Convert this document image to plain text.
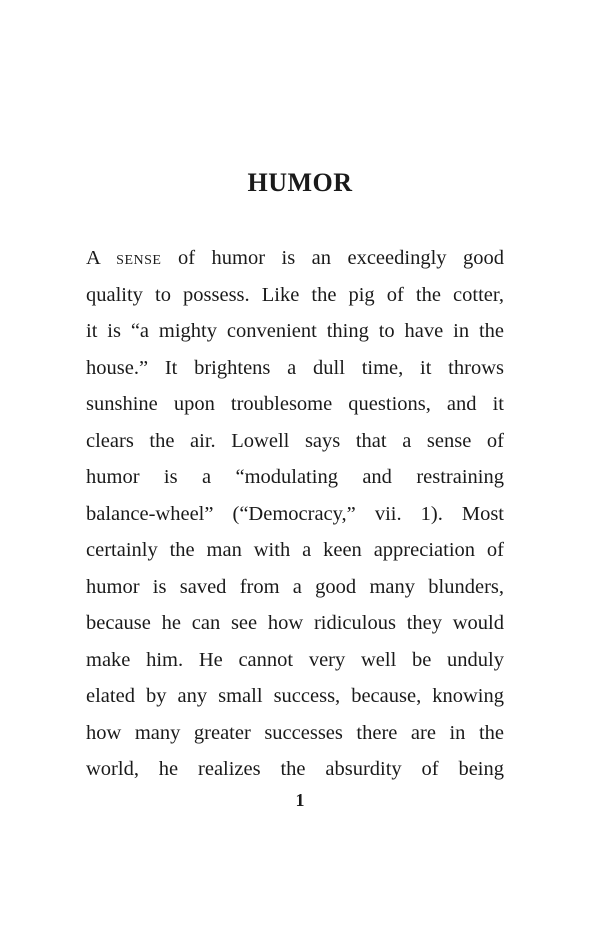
HUMOR
A sense of humor is an exceedingly good
quality to possess. Like the pig of the cotter,
it is “a mighty convenient thing to have in the
house.” It brightens a dull time, it throws
sunshine upon troublesome questions, and it
clears the air. Lowell says that a sense of
humor is a “modulating and restraining
balance-wheel” (“Democracy,” vii. 1). Most
certainly the man with a keen appreciation of
humor is saved from a good many blunders,
because he can see how ridiculous they would
make him. He cannot very well be unduly
elated by any small success, because, knowing
how many greater successes there are in the
world, he realizes the absurdity of being
1
